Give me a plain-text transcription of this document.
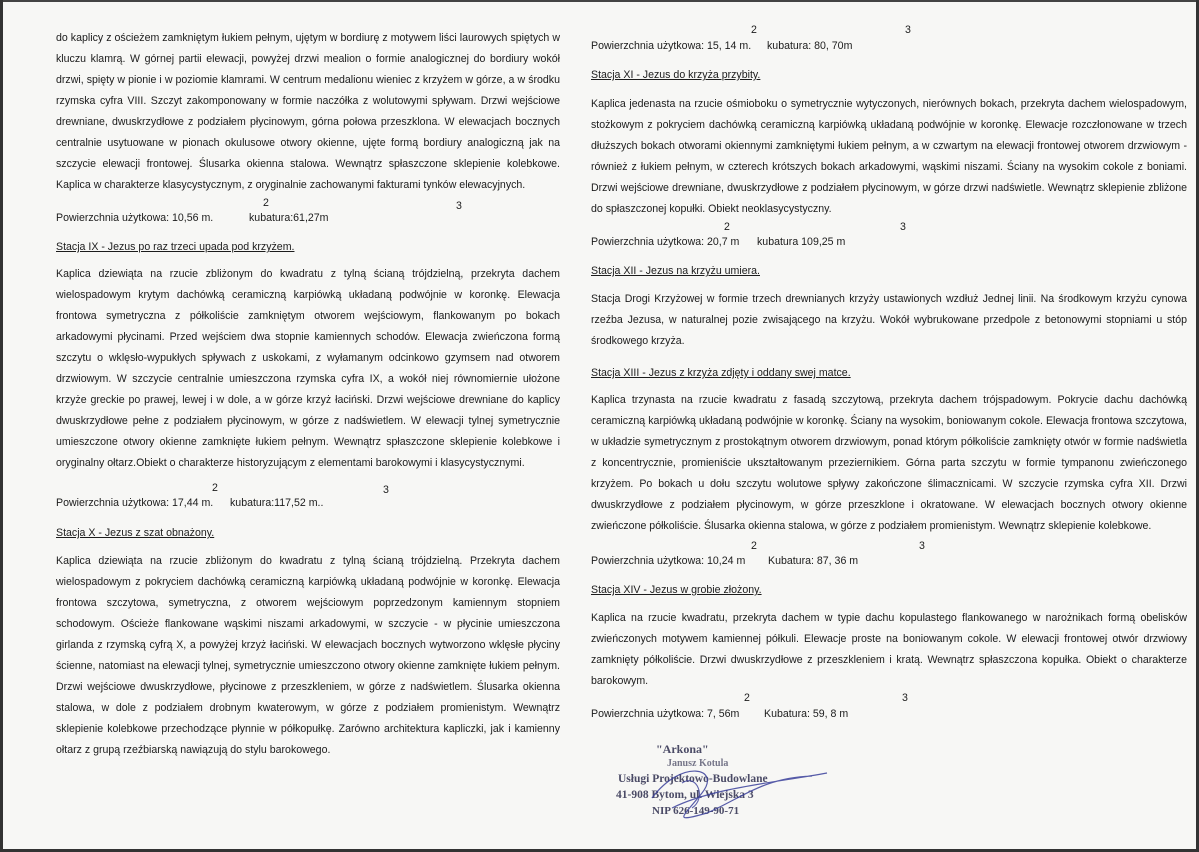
do kaplicy z ościeżem zamkniętym łukiem pełnym, ujętym w bordiurę z motywem liści laurowych spiętych w kluczu klamrą. W górnej partii elewacji, powyżej drzwi mealion o formie analogicznej do bordiury wokół drzwi, spięty w pionie i w poziomie klamrami. W centrum medalionu wieniec z krzyżem w górze, a w środku rzymska cyfra VIII. Szczyt zakomponowany w formie naczółka z wolutowymi spływam. Drzwi wejściowe drewniane, dwuskrzydłowe z podziałem płycinowym, górna połowa przeszklona. W elewacjach bocznych centralnie usytuowane w pionach okulusowe otwory okienne, ujęte formą bordiury analogiczną jak na szczycie elewacji frontowej. Ślusarka okienna stalowa. Wewnątrz spłaszczone sklepienie kolebkowe. Kaplica w charakterze klasycystycznym, z oryginalnie zachowanymi fakturami tynków elewacyjnych.

2	3
Powierzchnia użytkowa: 10,56 m.	kubatura:61,27m

Stacja IX - Jezus po raz trzeci upada pod krzyżem.

Kaplica dziewiąta na rzucie zbliżonym do kwadratu z tylną ścianą trójdzielną, przekryta dachem wielospadowym krytym dachówką ceramiczną karpiówką układaną podwójnie w koronkę. Elewacja frontowa symetryczna z półkoliście zamkniętym otworem wejściowym, flankowanym po bokach arkadowymi płycinami. Przed wejściem dwa stopnie kamiennych schodów. Elewacja zwieńczona formą szczytu o wklęsło-wypukłych spływach z uskokami, z wyłamanym odcinkowo gzymsem nad otworem drzwiowym. W szczycie centralnie umieszczona rzymska cyfra IX, a wokół niej równomiernie ułożone krzyże greckie po prawej, lewej i w dole, a w górze krzyż łaciński. Drzwi wejściowe drewniane do kaplicy dwuskrzydłowe pełne z podziałem płycinowym, w górze z nadświetlem. W elewacji tylnej symetrycznie umieszczone otwory okienne zamknięte łukiem pełnym. Wewnątrz spłaszczone sklepienie kolebkowe i oryginalny ołtarz.Obiekt o charakterze historyzującym z elementami barokowymi i klasycystycznymi.

2	3
Powierzchnia użytkowa: 17,44 m. kubatura:117,52 m..

Stacja X - Jezus z szat obnażony.

Kaplica dziewiąta na rzucie zbliżonym do kwadratu z tylną ścianą trójdzielną. Przekryta dachem wielospadowym z pokryciem dachówką ceramiczną karpiówką układaną podwójnie w koronkę. Elewacja frontowa szczytowa, symetryczna, z otworem wejściowym poprzedzonym kamiennym stopniem schodowym. Ościeże flankowane wąskimi niszami arkadowymi, w szczycie - w płycinie umieszczona girlanda z rzymską cyfrą X, a powyżej krzyż łaciński. W elewacjach bocznych wytworzono wklęsłe płyciny ścienne, natomiast na elewacji tylnej, symetrycznie umieszczono otwory okienne zamknięte łukiem pełnym. Drzwi wejściowe dwuskrzydłowe, płycinowe z przeszkleniem, w górze z nadświetlem. Ślusarka okienna stalowa, w dole z podziałem drobnym kwaterowym, w górze z podziałem promienistym. Wewnątrz sklepienie kolebkowe przechodzące płynnie w półkopułkę. Zarówno architektura kapliczki, jak i kamienny ołtarz z grupą rzeźbiarską nawiązują do stylu barokowego.

2	3
Powierzchnia użytkowa: 15, 14 m. kubatura: 80, 70m

Stacja XI - Jezus do krzyża przybity.

Kaplica jedenasta na rzucie ośmioboku o symetrycznie wytyczonych, nierównych bokach, przekryta dachem wielospadowym, stożkowym z pokryciem dachówką ceramiczną karpiówką układaną podwójnie w koronkę. Elewacje rozczłonowane w trzech dłuższych bokach otworami okiennymi zamkniętymi łukiem pełnym, a w czwartym na elewacji frontowej otworem drzwiowym - również z łukiem pełnym, w czterech krótszych bokach arkadowymi, wąskimi niszami. Ściany na wysokim cokole z boniami. Drzwi wejściowe drewniane, dwuskrzydłowe z podziałem płycinowym, w górze drzwi nadświetle. Wewnątrz sklepienie zbliżone do spłaszczonej kopułki. Obiekt neoklasycystyczny.

2	3
Powierzchnia użytkowa: 20,7 m kubatura 109,25 m

Stacja XII - Jezus na krzyżu umiera.

Stacja Drogi Krzyżowej w formie trzech drewnianych krzyży ustawionych wzdłuż Jednej linii. Na środkowym krzyżu cynowa rzeźba Jezusa, w naturalnej pozie zwisającego na krzyżu. Wokół wybrukowane przedpole z betonowymi stopniami u stóp środkowego krzyża.

Stacja XIII - Jezus z krzyża zdjęty i oddany swej matce.

Kaplica trzynasta na rzucie kwadratu z fasadą szczytową, przekryta dachem trójspadowym. Pokrycie dachu dachówką ceramiczną karpiówką układaną podwójnie w koronkę. Ściany na wysokim, boniowanym cokole. Elewacja frontowa szczytowa, w układzie symetrycznym z prostokątnym otworem drzwiowym, ponad którym półkoliście zamknięty otwór w formie nadświetla z koncentrycznie, promieniście ukształtowanym przeziernikiem. Górna parta szczytu w formie tympanonu zwieńczonego krzyżem. Po bokach u dołu szczytu wolutowe spływy zakończone ślimacznicami. W szczycie rzymska cyfra XII. Drzwi dwuskrzydłowe z podziałem płycinowym, w górze przeszklone i okratowane. W elewacjach bocznych otwory okienne zwieńczone półkoliście. Ślusarka okienna stalowa, w górze z podziałem promienistym. Wewnątrz sklepienie kolebkowe.

2	3
Powierzchnia użytkowa: 10,24 m Kubatura: 87, 36 m

Stacja XIV - Jezus w grobie złożony.

Kaplica na rzucie kwadratu, przekryta dachem w typie dachu kopulastego flankowanego w narożnikach formą obelisków zwieńczonych motywem kamiennej półkuli. Elewacje proste na boniowanym cokole. W elewacji frontowej otwór drzwiowy zamknięty półkoliście. Drzwi dwuskrzydłowe z przeszkleniem i kratą. Wewnątrz spłaszczona kopułka. Obiekt o charakterze barokowym.

2	3
Powierzchnia użytkowa: 7, 56m Kubatura: 59, 8 m
"Arkona"
Janusz Kotula
Usługi Projektowo-Budowlane
41-908 Bytom, ul. Wiejska 3
NIP 626-149-90-71
